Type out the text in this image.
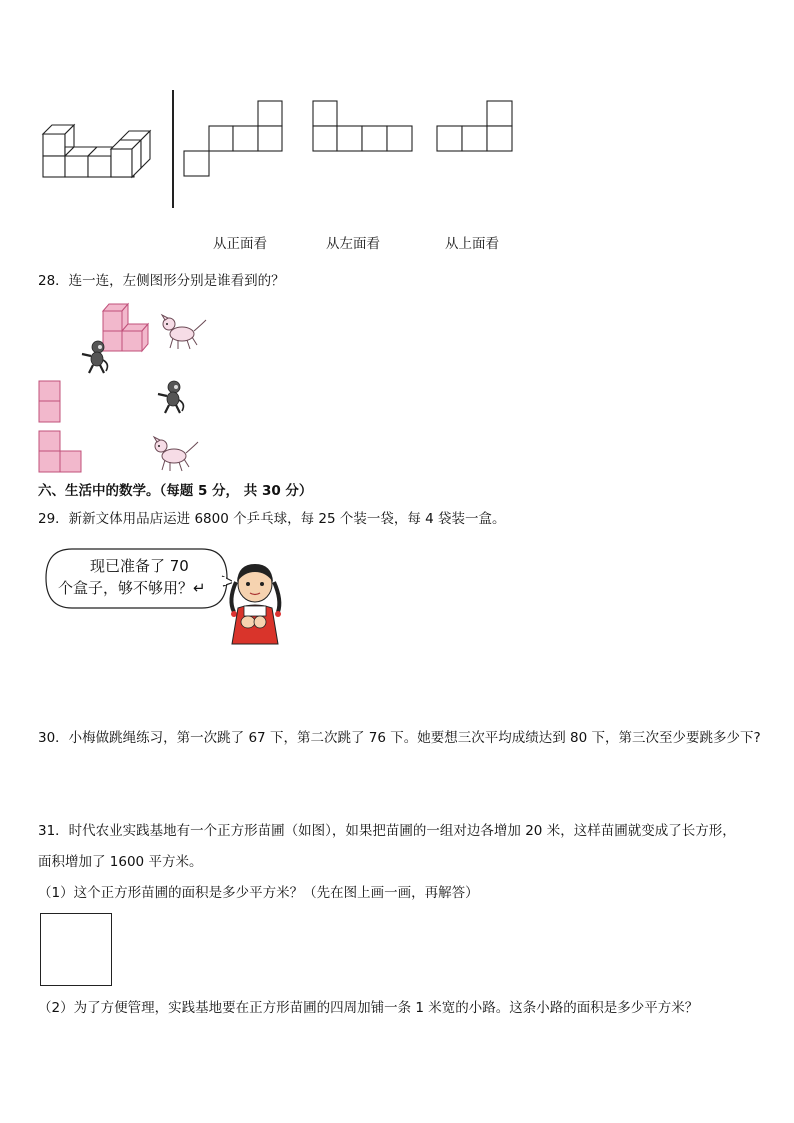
从正面看	从左面看	从上面看
28．连一连，左侧图形分别是谁看到的？
六、生活中的数学。（每题 5 分， 共 30 分）
29．新新文体用品店运进 6800 个乒乓球，每 25 个装一袋，每 4 袋装一盒。
现已准备了 70
个盒子，够不够用？↵
30．小梅做跳绳练习，第一次跳了 67 下，第二次跳了 76 下。她要想三次平均成绩达到 80 下，第三次至少要跳多少下?
31．时代农业实践基地有一个正方形苗圃（如图），如果把苗圃的一组对边各增加 20 米，这样苗圃就变成了长方形，
面积增加了 1600 平方米。
（1）这个正方形苗圃的面积是多少平方米？（先在图上画一画，再解答）
（2）为了方便管理，实践基地要在正方形苗圃的四周加铺一条 1 米宽的小路。这条小路的面积是多少平方米？
